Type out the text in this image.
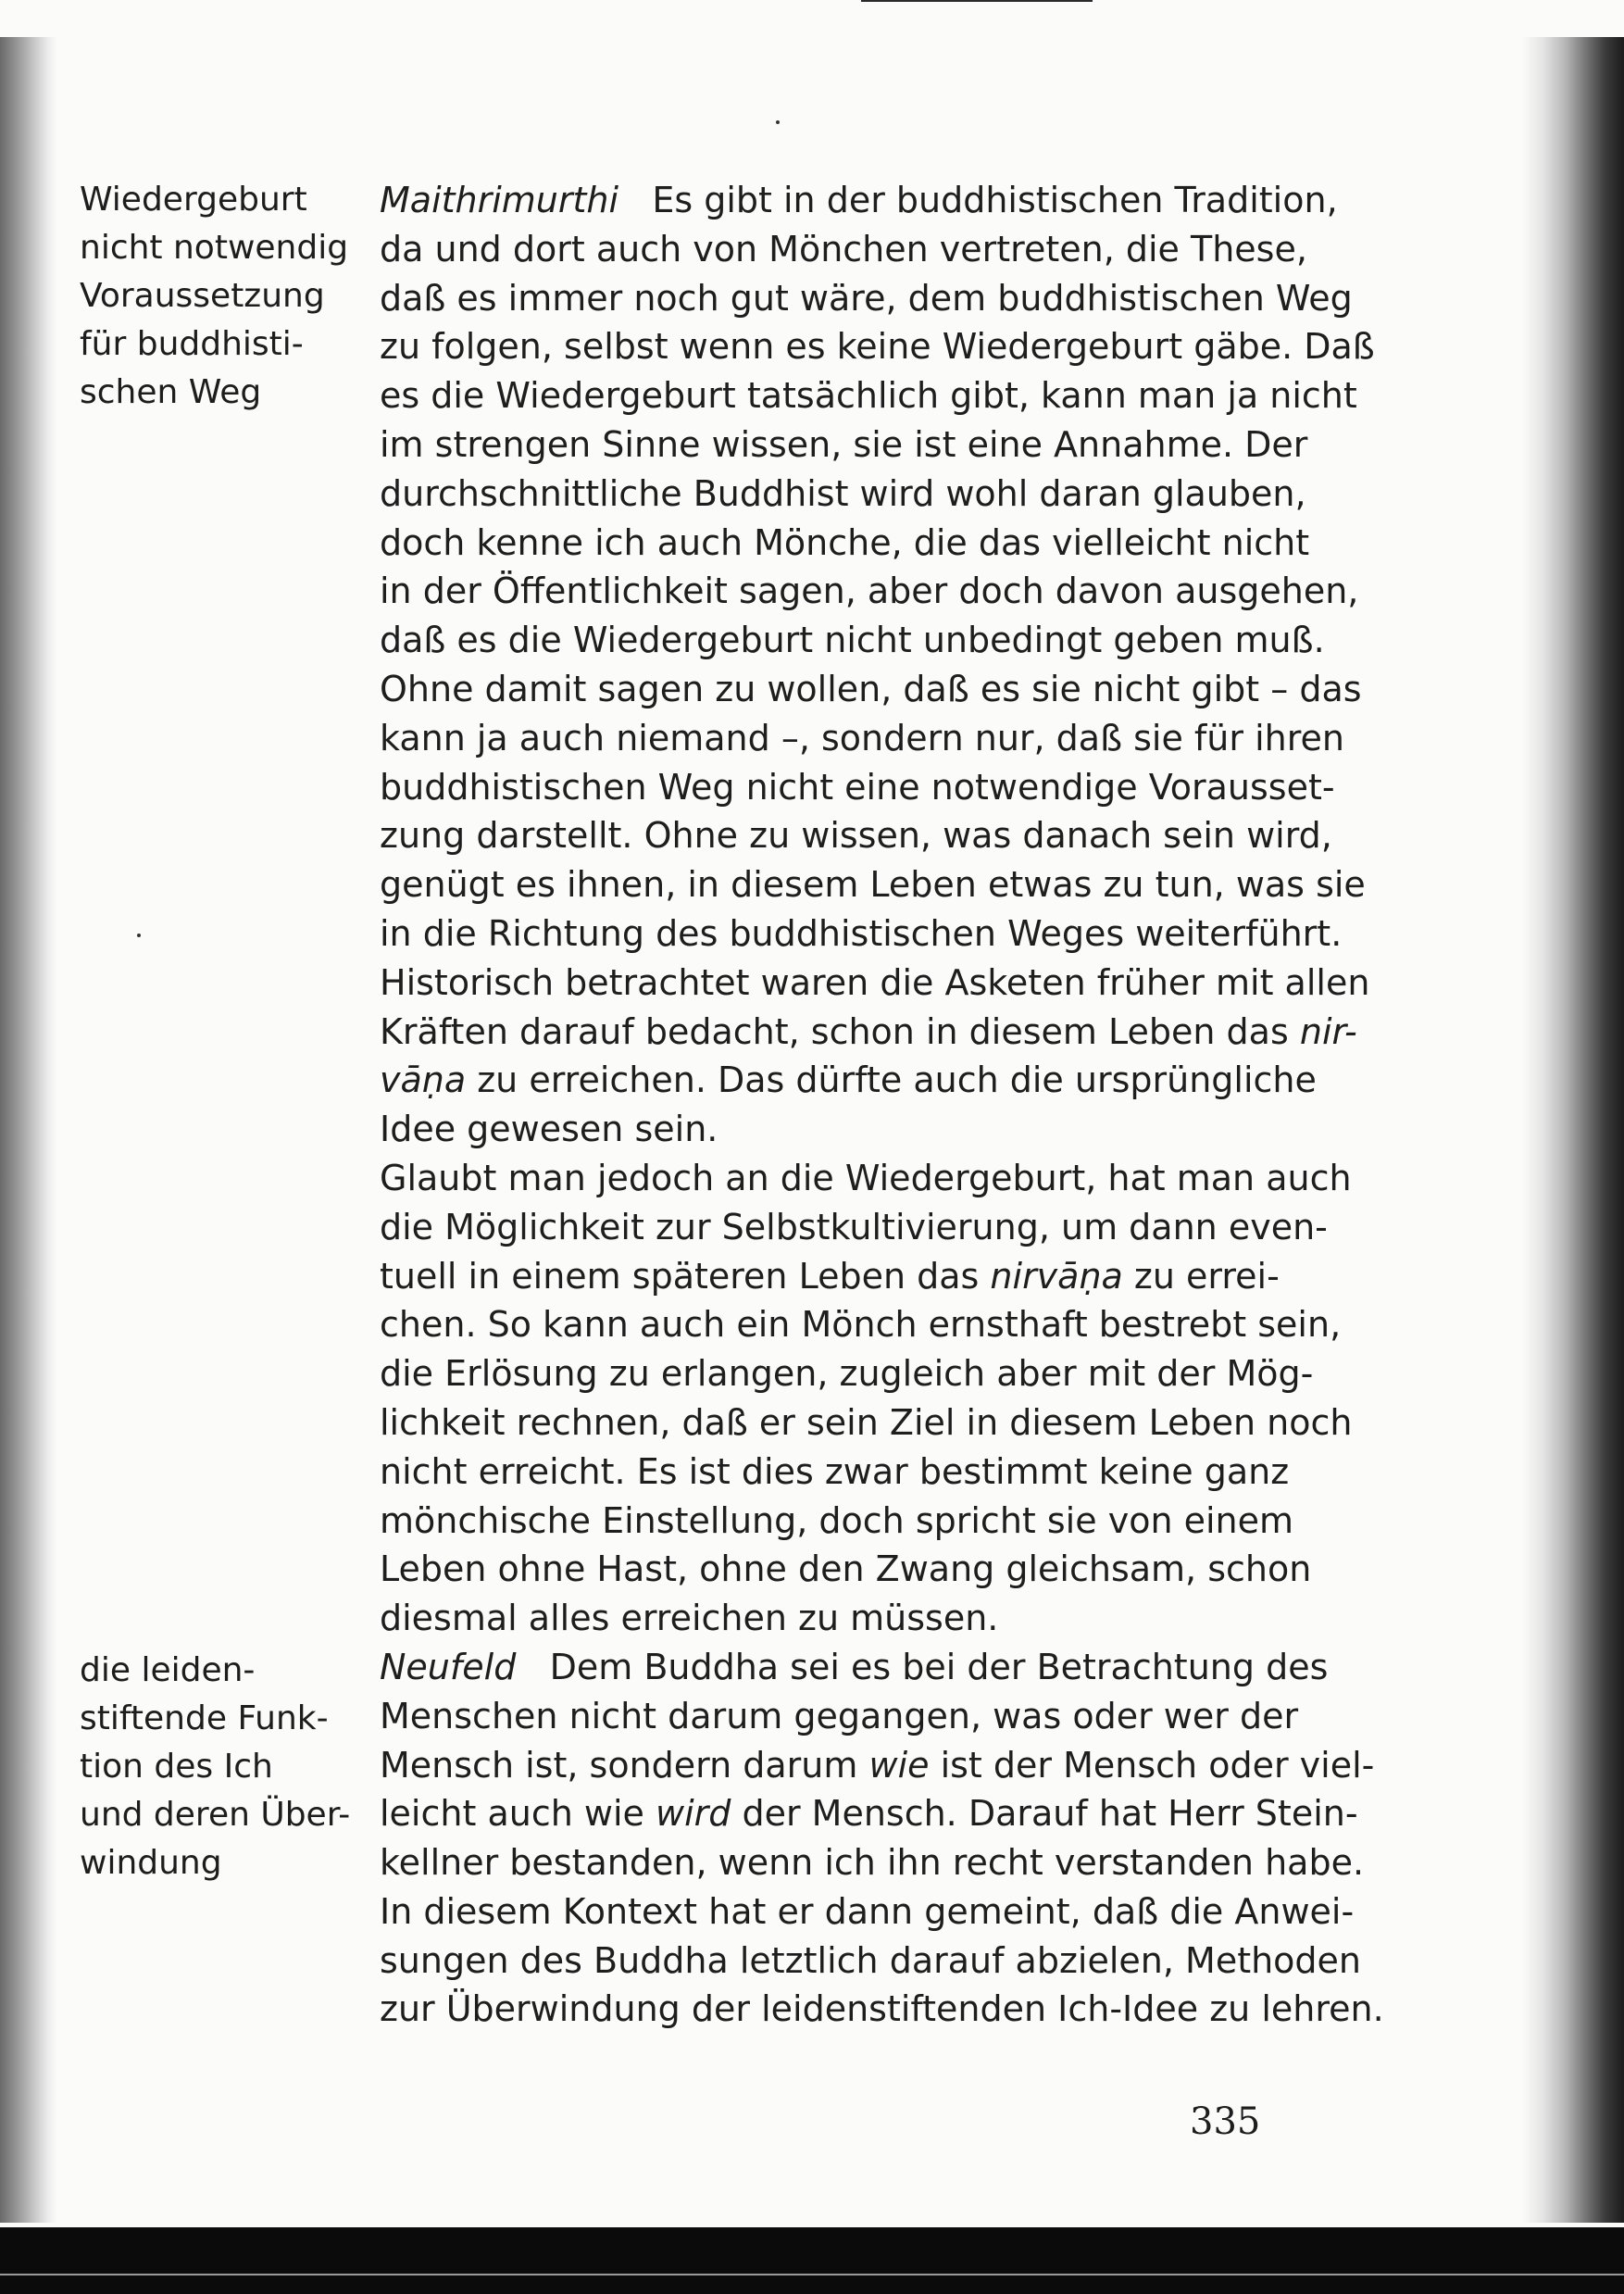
Wiedergeburt

nicht notwendig

Voraussetzung

für buddhisti-

schen Weg

die leiden-

stiftende Funk-

tion des Ich

und deren Über-

windung

Maithrimurthi Es gibt in der buddhistischen Tradition,
da und dort auch von Mönchen vertreten, die These,
daß es immer noch gut wäre, dem buddhistischen Weg
zu folgen, selbst wenn es keine Wiedergeburt gäbe. Daß
es die Wiedergeburt tatsächlich gibt, kann man ja nicht
im strengen Sinne wissen, sie ist eine Annahme. Der
durchschnittliche Buddhist wird wohl daran glauben,
doch kenne ich auch Mönche, die das vielleicht nicht
in der Öffentlichkeit sagen, aber doch davon ausgehen,
daß es die Wiedergeburt nicht unbedingt geben muß.
Ohne damit sagen zu wollen, daß es sie nicht gibt – das
kann ja auch niemand –, sondern nur, daß sie für ihren
buddhistischen Weg nicht eine notwendige Vorausset-
zung darstellt. Ohne zu wissen, was danach sein wird,
genügt es ihnen, in diesem Leben etwas zu tun, was sie
in die Richtung des buddhistischen Weges weiterführt.
Historisch betrachtet waren die Asketen früher mit allen
Kräften darauf bedacht, schon in diesem Leben das nir-
vāṇa zu erreichen. Das dürfte auch die ursprüngliche
Idee gewesen sein.
Glaubt man jedoch an die Wiedergeburt, hat man auch
die Möglichkeit zur Selbstkultivierung, um dann even-
tuell in einem späteren Leben das nirvāṇa zu errei-
chen. So kann auch ein Mönch ernsthaft bestrebt sein,
die Erlösung zu erlangen, zugleich aber mit der Mög-
lichkeit rechnen, daß er sein Ziel in diesem Leben noch
nicht erreicht. Es ist dies zwar bestimmt keine ganz
mönchische Einstellung, doch spricht sie von einem
Leben ohne Hast, ohne den Zwang gleichsam, schon
diesmal alles erreichen zu müssen.
Neufeld Dem Buddha sei es bei der Betrachtung des
Menschen nicht darum gegangen, was oder wer der
Mensch ist, sondern darum wie ist der Mensch oder viel-
leicht auch wie wird der Mensch. Darauf hat Herr Stein-
kellner bestanden, wenn ich ihn recht verstanden habe.
In diesem Kontext hat er dann gemeint, daß die Anwei-
sungen des Buddha letztlich darauf abzielen, Methoden
zur Überwindung der leidenstiftenden Ich-Idee zu lehren.
335
